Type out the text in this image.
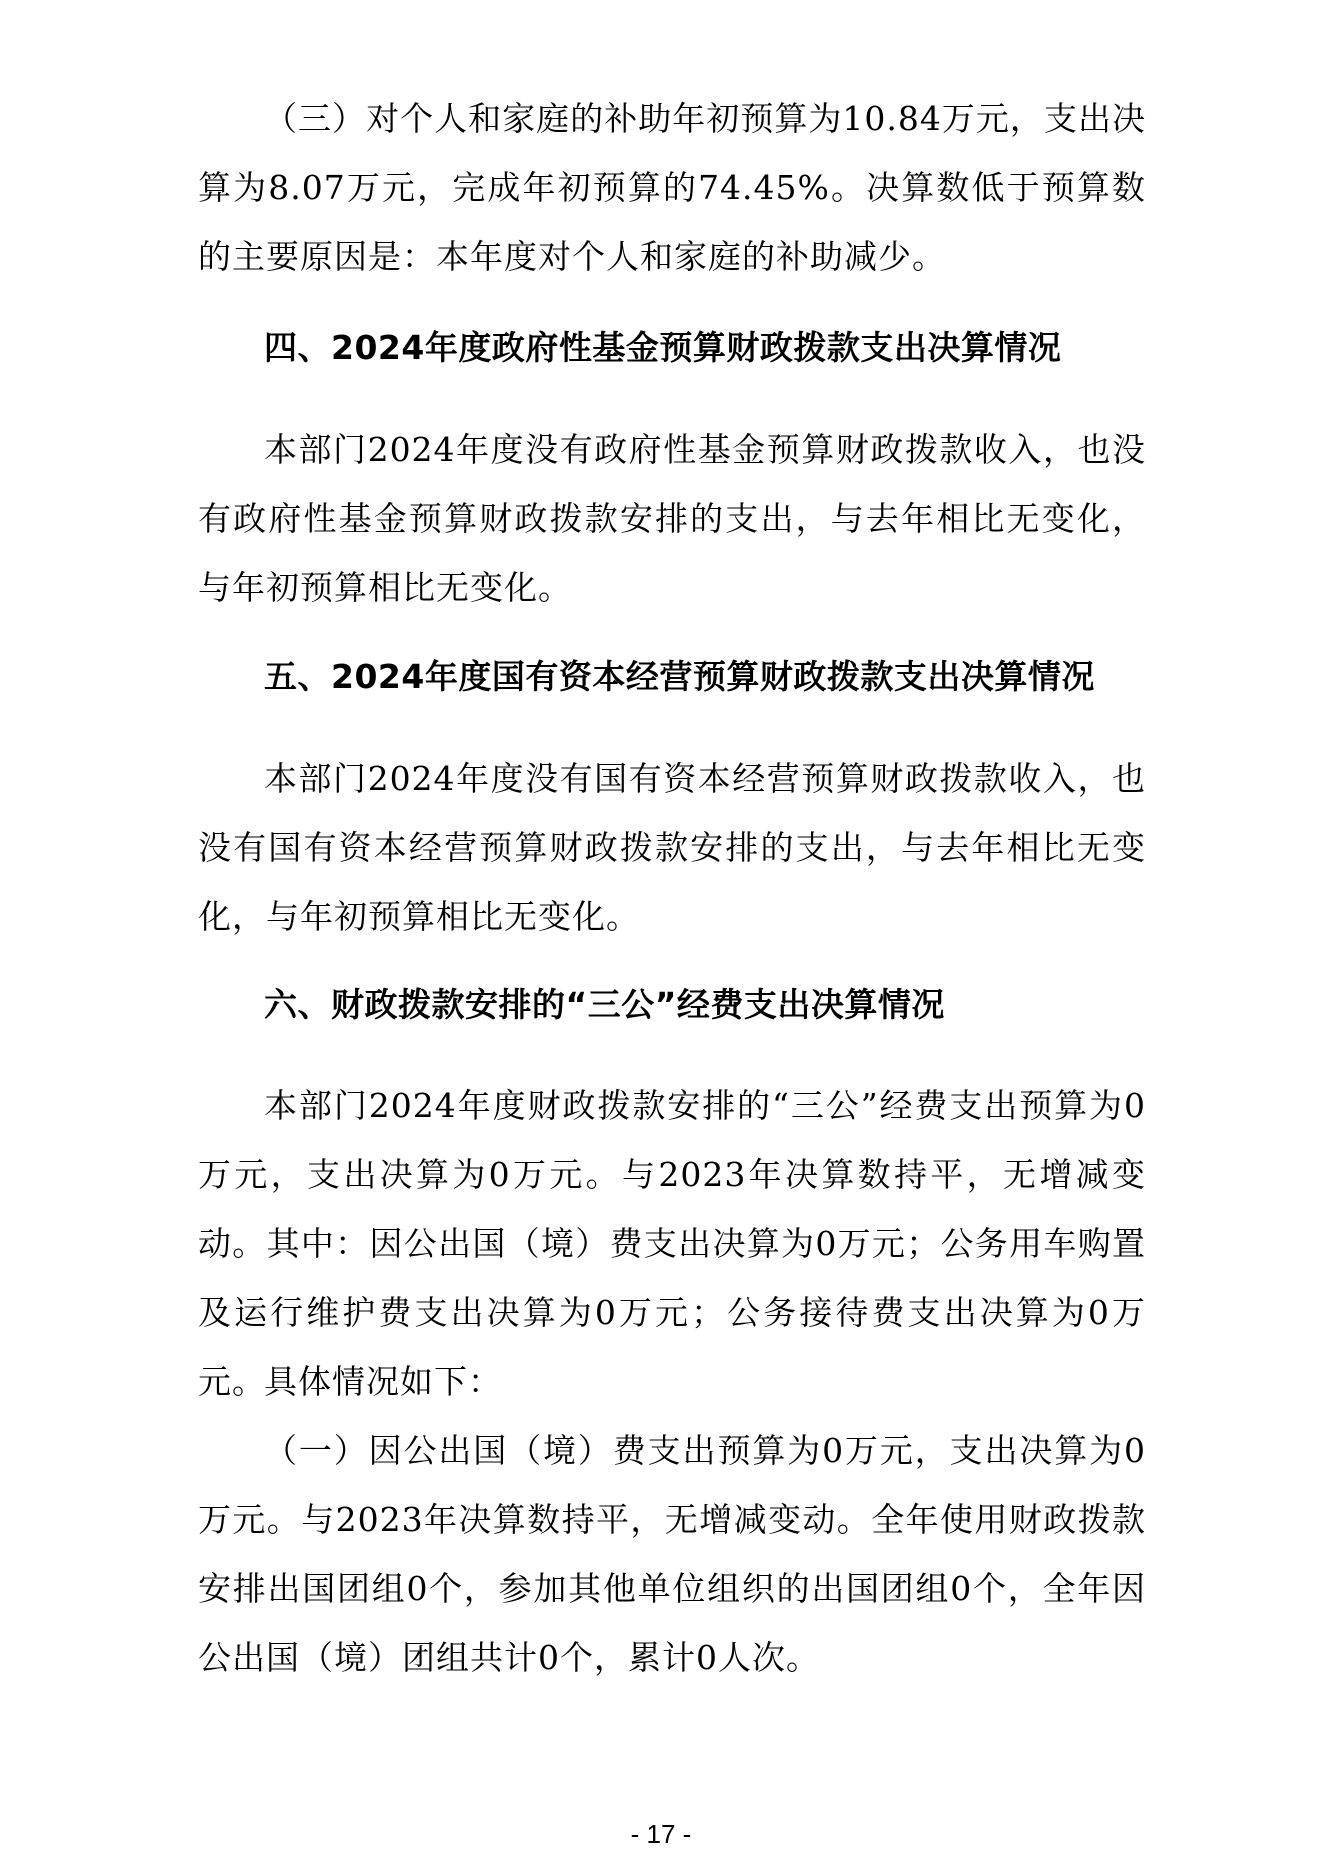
（三）对个人和家庭的补助年初预算为10.84万元，支出决算为8.07万元，完成年初预算的74.45%。决算数低于预算数的主要原因是：本年度对个人和家庭的补助减少。

四、2024年度政府性基金预算财政拨款支出决算情况

本部门2024年度没有政府性基金预算财政拨款收入，也没有政府性基金预算财政拨款安排的支出，与去年相比无变化，与年初预算相比无变化。

五、2024年度国有资本经营预算财政拨款支出决算情况

本部门2024年度没有国有资本经营预算财政拨款收入，也没有国有资本经营预算财政拨款安排的支出，与去年相比无变化，与年初预算相比无变化。

六、财政拨款安排的“三公”经费支出决算情况

本部门2024年度财政拨款安排的“三公”经费支出预算为0万元，支出决算为0万元。与2023年决算数持平，无增减变动。其中：因公出国（境）费支出决算为0万元；公务用车购置及运行维护费支出决算为0万元；公务接待费支出决算为0万元。

具体情况如下：

（一）因公出国（境）费支出预算为0万元，支出决算为0万元。与2023年决算数持平，无增减变动。全年使用财政拨款安排出国团组0个，参加其他单位组织的出国团组0个，全年因公出国（境）团组共计0个，累计0人次。

- 17 -
